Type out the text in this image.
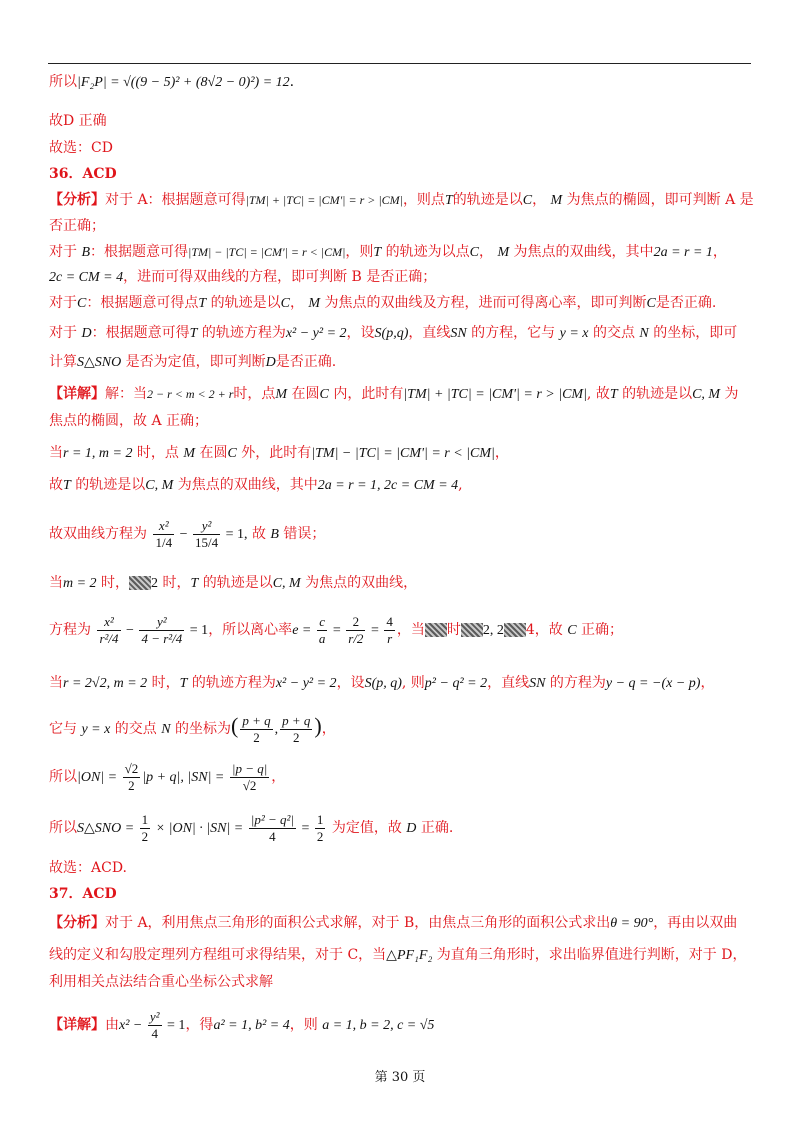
所以|F₂P| = √((9 − 5)² + (8√2 − 0)²) = 12.
故D 正确
故选：CD
36．ACD
【分析】对于 A：根据题意可得|TM| + |TC| = |CM'| = r > |CM|，则点T的轨迹是以C， M 为焦点的椭圆，即可判断 A 是
否正确；
对于 B：根据题意可得|TM| − |TC| = |CM'| = r < |CM|，则T 的轨迹为以点C， M 为焦点的双曲线，其中2a = r = 1，
2c = CM = 4，进而可得双曲线的方程，即可判断 B 是否正确；
对于C：根据题意可得点T 的轨迹是以C， M 为焦点的双曲线及方程，进而可得离心率，即可判断C是否正确.
对于 D：根据题意可得T 的轨迹方程为x² − y² = 2，设S(p,q)，直线SN 的方程，它与 y = x 的交点 N 的坐标，即可
计算S△SNO 是否为定值，即可判断D是否正确.
【详解】解：当2 − r < m < 2 + r时，点M 在圆C 内，此时有|TM| + |TC| = |CM'| = r > |CM|, 故T 的轨迹是以C, M 为
焦点的椭圆，故 A 正确；
当r = 1, m = 2 时，点 M 在圆C 外，此时有|TM| − |TC| = |CM'| = r < |CM|，
故T 的轨迹是以C, M 为焦点的双曲线，其中2a = r = 1, 2c = CM = 4,
故双曲线方程为 $\frac{\text{x²}}{1/4} - \frac{\text{y²}}{15/4} = 1$, 故 B 错误；
当m = 2 时， 2 时，T 的轨迹是以C, M 为焦点的双曲线，
方程为 $\frac{\text{x²}}{\text{r²/4}} - \frac{\text{y²}}{\text{4 − r²/4}} = 1$，所以离心率$e = \frac{c}{a} = \frac{2}{r/2} = \frac{4}{r}$ ，当 时 2, 2 4，故 C 正确；
当r = 2√2, m = 2 时，T 的轨迹方程为x² − y² = 2，设S(p, q), 则p² − q² = 2，直线SN 的方程为y − q = −(x − p)，
它与 y = x 的交点 N 的坐标为( $\frac{p + q}{2}$ , $\frac{p + q}{2}$ )，
所以$|ON| = \frac{√2}{2} |p + q|$, $|SN| = \frac{|p - q|}{√2}$ ，
所以S△SNO = $\frac{1}{2} \times |ON| \cdot |SN| = \frac{\text{|p² − q²|}}{4} = \frac{1}{2}$ 为定值，故 D 正确.
故选：ACD.
37．ACD
【分析】对于 A，利用焦点三角形的面积公式求解，对于 B，由焦点三角形的面积公式求出θ = 90°，再由以双曲
线的定义和勾股定理列方程组可求得结果，对于 C，当△PF₁F₂ 为直角三角形时，求出临界值进行判断，对于 D，
利用相关点法结合重心坐标公式求解
【详解】由$x^2 - \frac{\text{y²}}{4} = 1$，得a² = 1, b² = 4，则 a = 1, b = 2, c = √5
第 30 页
